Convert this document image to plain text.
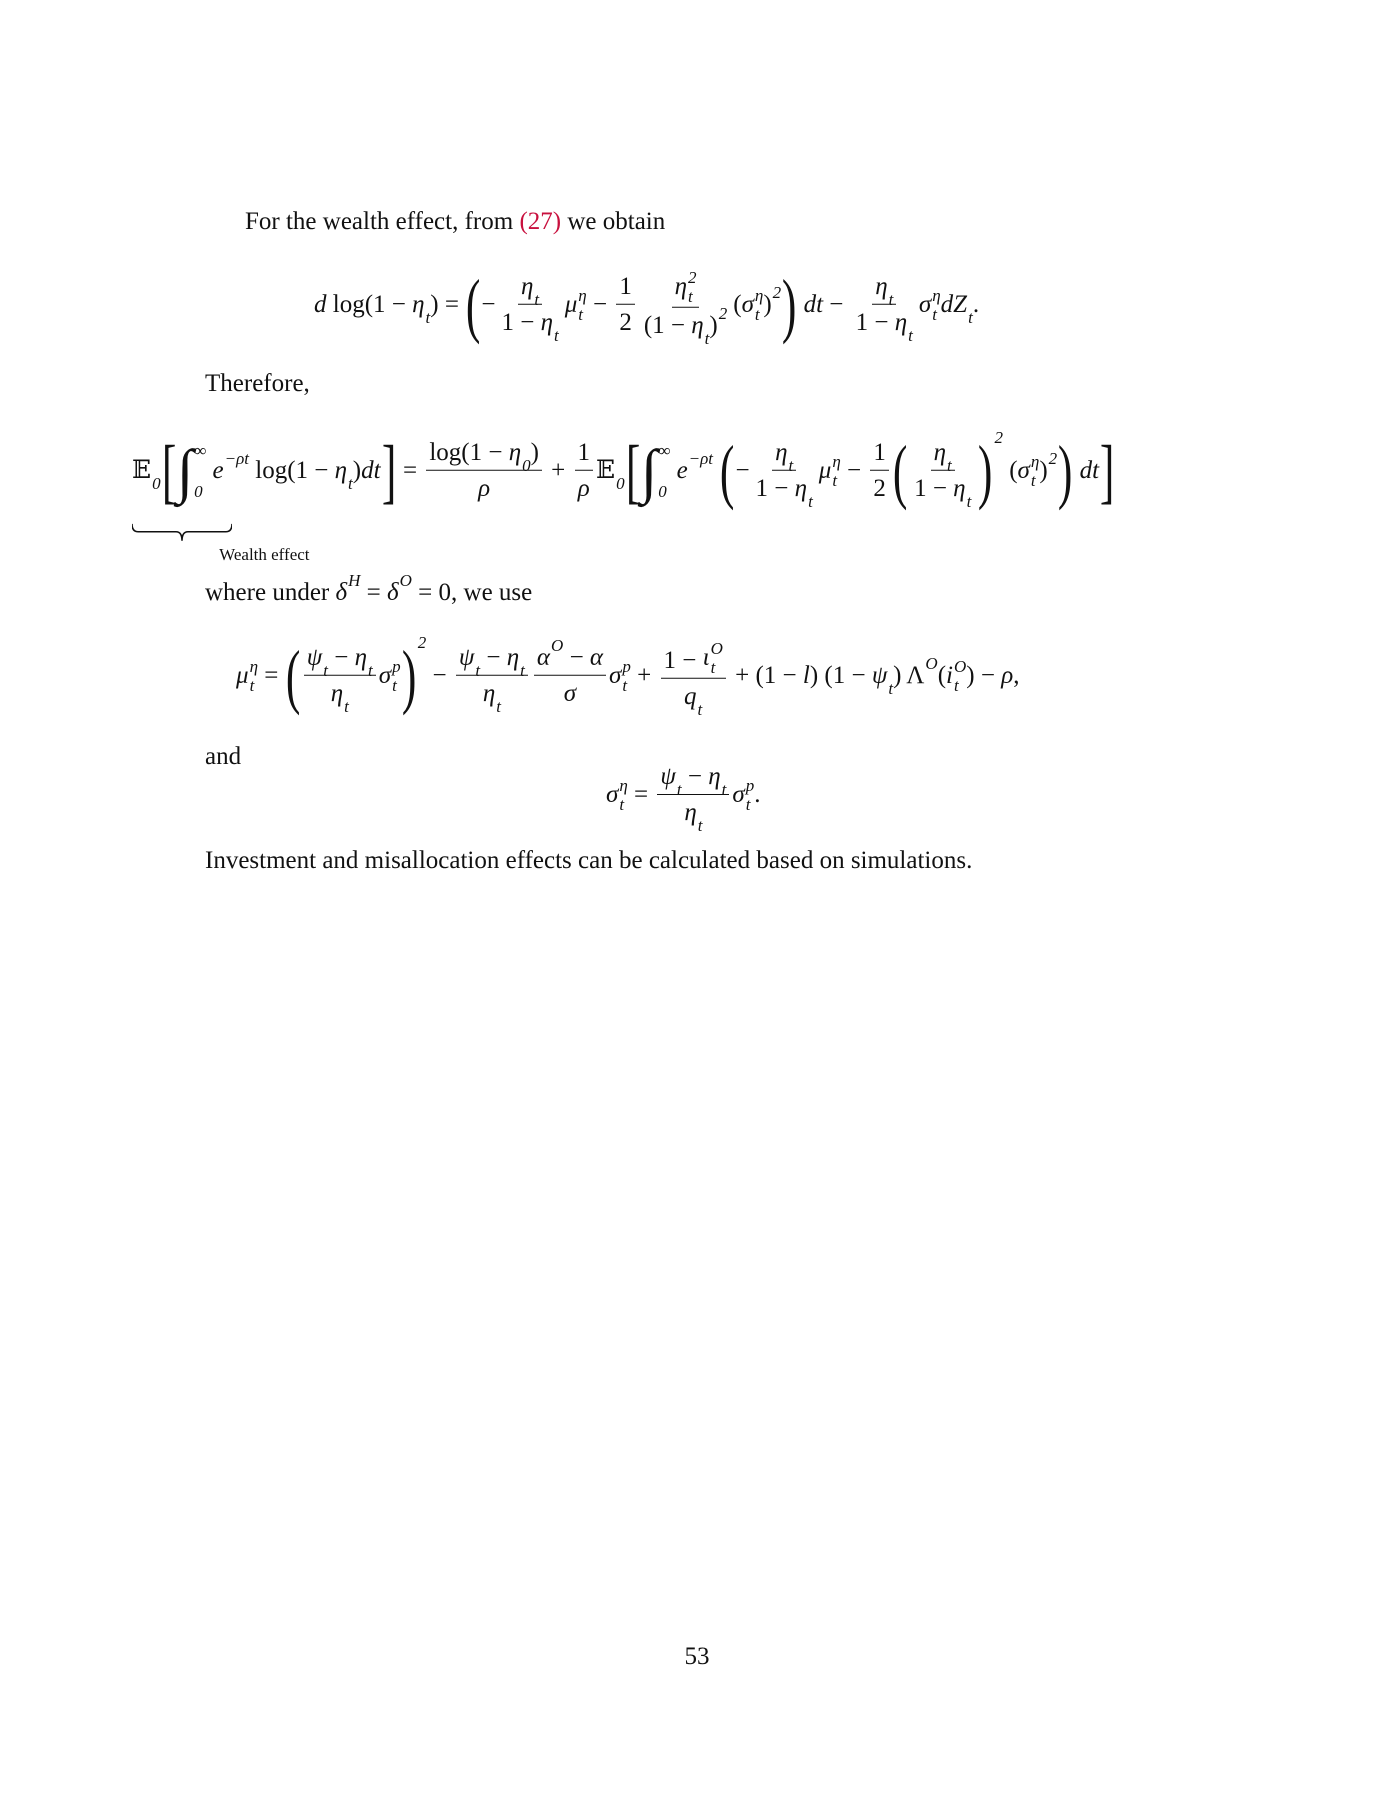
For the wealth effect, from (27) we obtain
d log(1 − η t ) = ( − $\frac{\text{η t}}{\text{1 − η t}}$ μ η
$t - \frac{1}{2}$ η 2
t
(1 − η t ) 2 ( σ η
t ) 2 ) dt − $\frac{\text{η t}}{\text{1 − η t}}$ σ η
t dZ t .
Therefore,
𝔼 0 [ ∫ ∞
0
e −ρt log(1 − η t ) dt ]
Wealth effect
= $\frac{\log(1 - \eta 0 )}{\rho} + \frac{1}{\rho}$ 𝔼 0 [ ∫ ∞
0
e −ρt
( − $\frac{\text{η t}}{\text{1 − η t}}$ μ η
$t - \frac{1}{2}$ ( $\frac{\text{η t}}{\text{1 − η t}}$ ) 2
( σ η
t ) 2 ) dt ]
where under δ H = δ O = 0, we use
μ η
t = ( $\frac{\text{ψ t − η t}}{\text{η t}}$ σ p
t ) 2
− $\frac{\text{ψ t − η t}}{\text{η t}} \frac{\text{α O − α}}{\sigma}$ σ p
t + 1 − ι O
t
q t + (1 − l ) (1 − ψ t ) Λ O ( i O
t ) − ρ ,
and
σ η
$t = \frac{\text{ψ t − η t}}{\text{η t}}$ σ p
t .
Investment and misallocation effects can be calculated based on simulations.
53
